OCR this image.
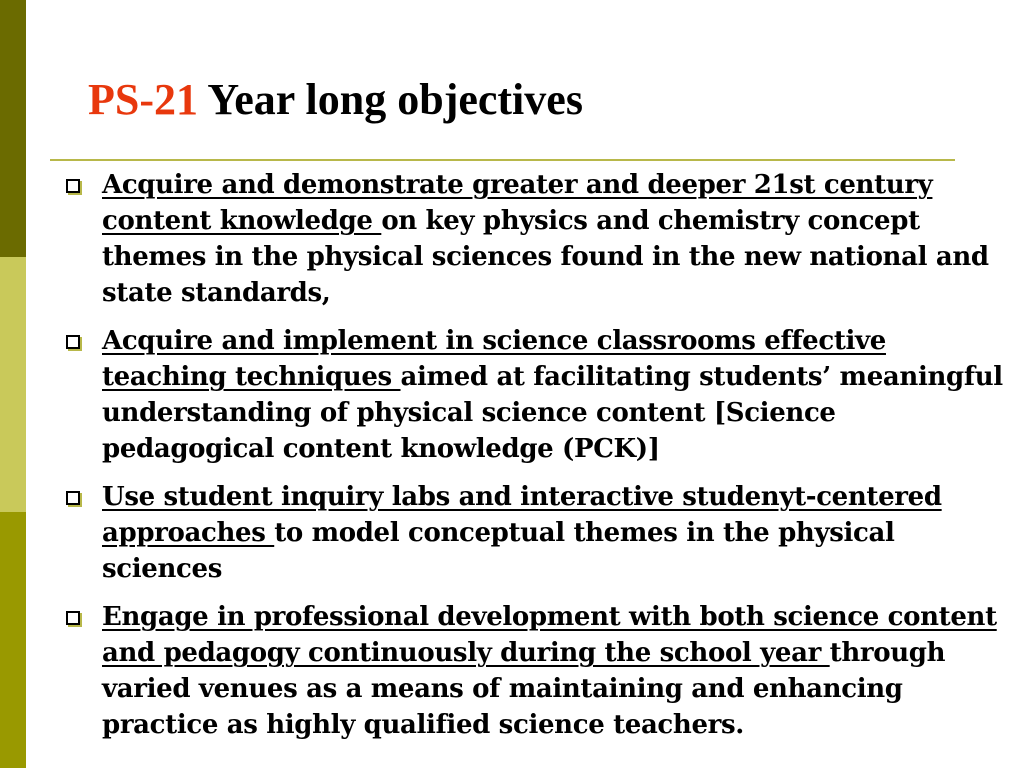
PS-21 Year long objectives
Acquire and demonstrate greater and deeper 21st century content knowledge on key physics and chemistry concept themes in the physical sciences found in the new national and state standards,
Acquire and implement in science classrooms effective teaching techniques aimed at facilitating students’ meaningful understanding of physical science content [Science pedagogical content knowledge (PCK)]
Use student inquiry labs and interactive studenyt-centered approaches to model conceptual themes in the physical sciences
Engage in professional development with both science content and pedagogy continuously during the school year through varied venues as a means of maintaining and enhancing practice as highly qualified science teachers.
